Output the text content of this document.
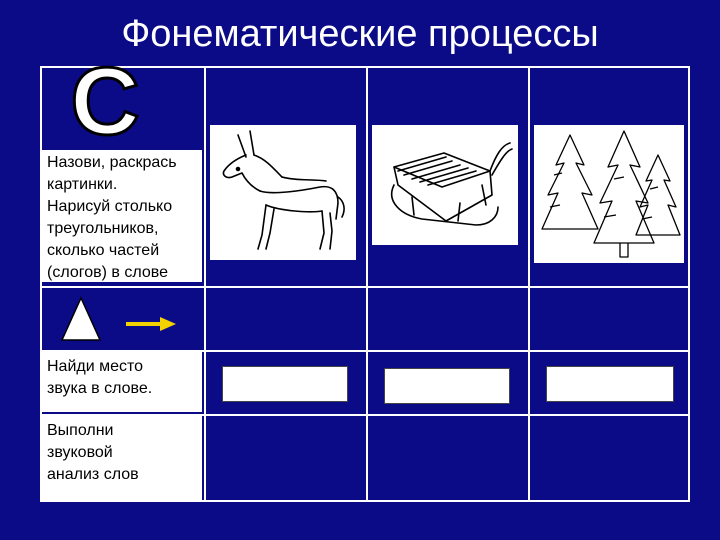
Фонематические процессы
С
Назови, раскрась
картинки.
Нарисуй столько
треугольников,
сколько частей
(слогов) в слове
Найди место
звука в слове.
Выполни
звуковой
анализ слов
